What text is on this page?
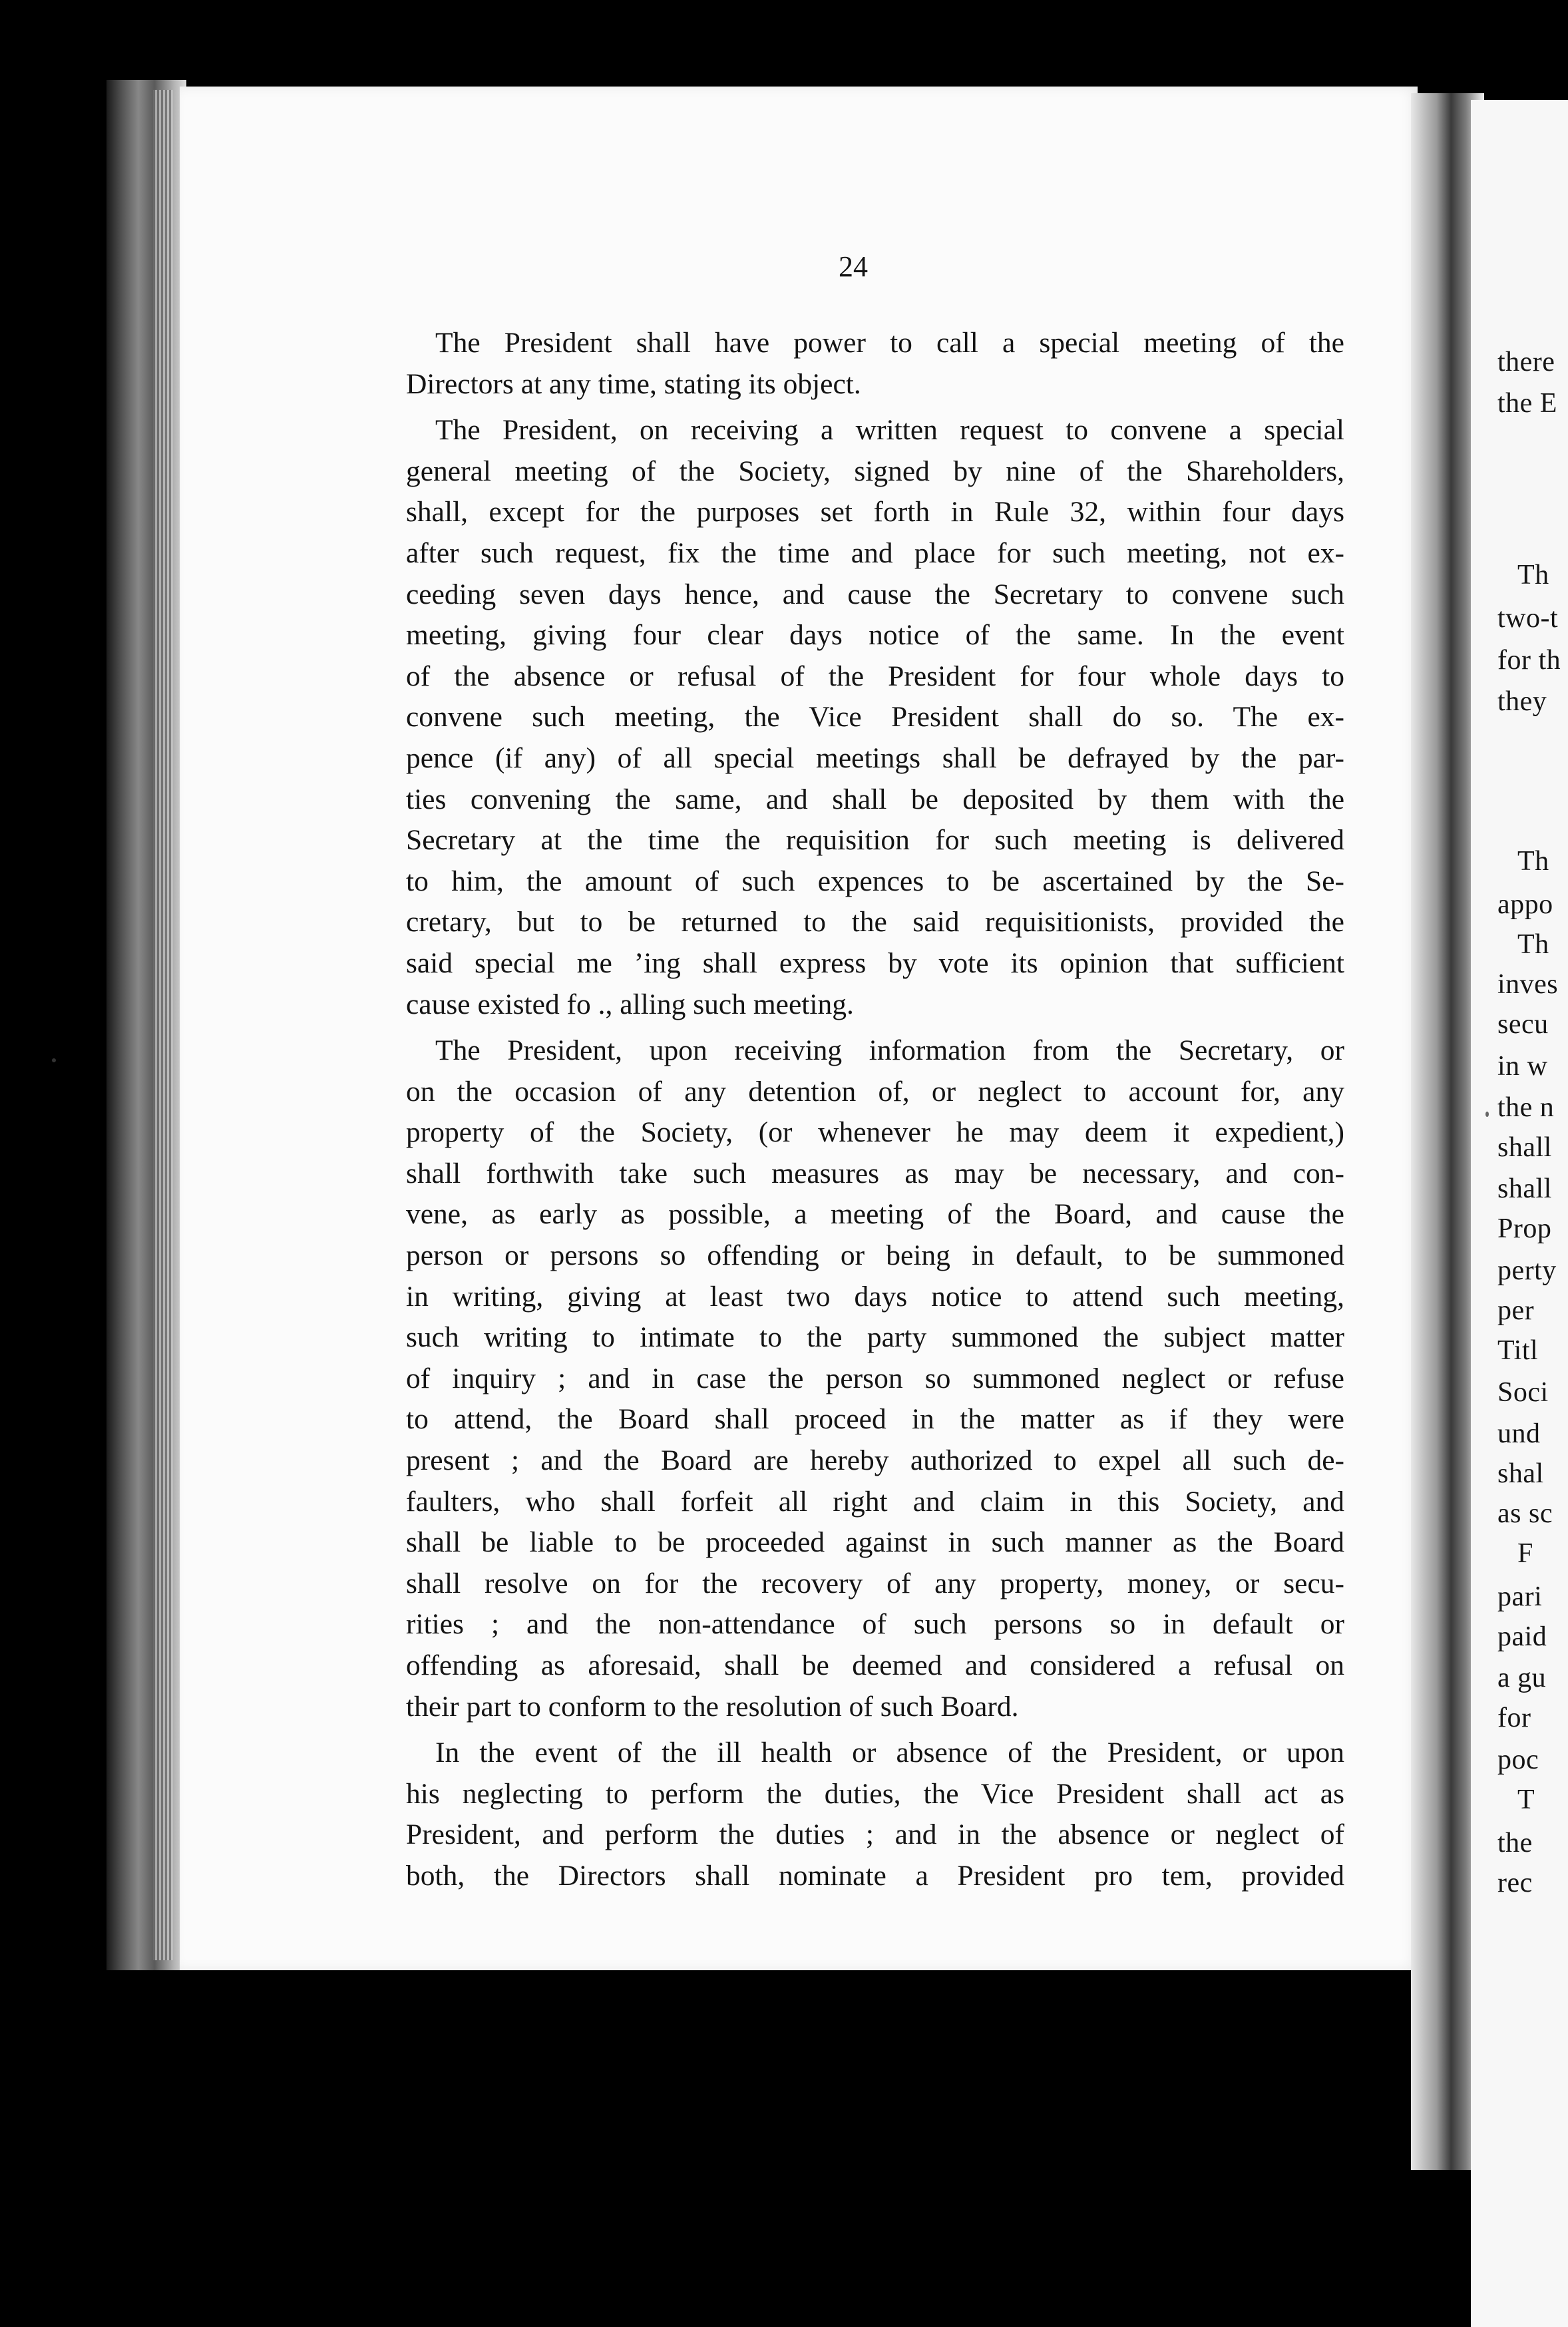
there
the E
Th
two-t
for th
they
Th
appo
Th
inves
secu
in w
the n
shall
shall
Prop
perty
per
Titl
Soci
und
shal
as sc
F
pari
paid
a gu
for
poc
T
the
rec
24
The President shall have power to call a special meeting of the
Directors at any time, stating its object.
The President, on receiving a written request to convene a special
general meeting of the Society, signed by nine of the Shareholders,
shall, except for the purposes set forth in Rule 32, within four days
after such request, fix the time and place for such meeting, not ex-
ceeding seven days hence, and cause the Secretary to convene such
meeting, giving four clear days notice of the same. In the event
of the absence or refusal of the President for four whole days to
convene such meeting, the Vice President shall do so. The ex-
pence (if any) of all special meetings shall be defrayed by the par-
ties convening the same, and shall be deposited by them with the
Secretary at the time the requisition for such meeting is delivered
to him, the amount of such expences to be ascertained by the Se-
cretary, but to be returned to the said requisitionists, provided the
said special me ’ing shall express by vote its opinion that sufficient
cause existed fo ., alling such meeting.
The President, upon receiving information from the Secretary, or
on the occasion of any detention of, or neglect to account for, any
property of the Society, (or whenever he may deem it expedient,)
shall forthwith take such measures as may be necessary, and con-
vene, as early as possible, a meeting of the Board, and cause the
person or persons so offending or being in default, to be summoned
in writing, giving at least two days notice to attend such meeting,
such writing to intimate to the party summoned the subject matter
of inquiry ; and in case the person so summoned neglect or refuse
to attend, the Board shall proceed in the matter as if they were
present ; and the Board are hereby authorized to expel all such de-
faulters, who shall forfeit all right and claim in this Society, and
shall be liable to be proceeded against in such manner as the Board
shall resolve on for the recovery of any property, money, or secu-
rities ; and the non-attendance of such persons so in default or
offending as aforesaid, shall be deemed and considered a refusal on
their part to conform to the resolution of such Board.
In the event of the ill health or absence of the President, or upon
his neglecting to perform the duties, the Vice President shall act as
President, and perform the duties ; and in the absence or neglect of
both, the Directors shall nominate a President pro tem, provided
